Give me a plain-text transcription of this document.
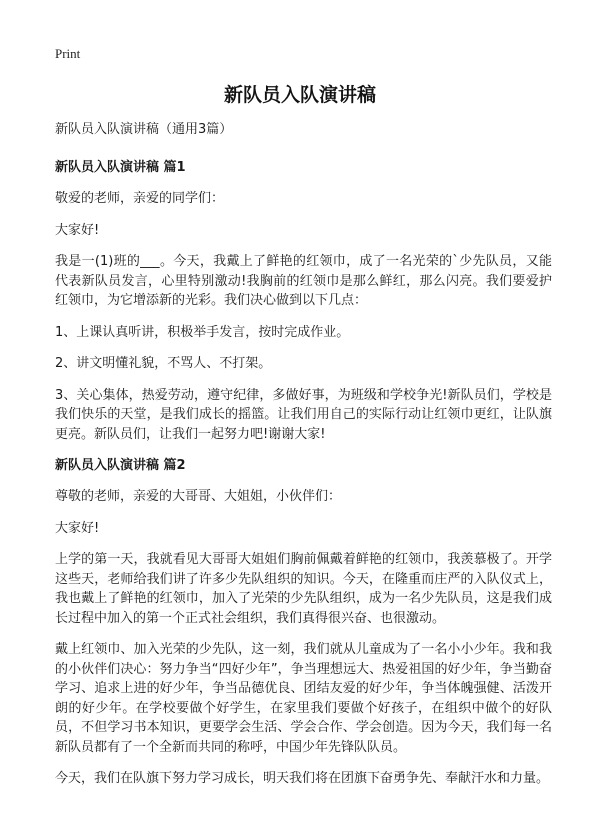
Print
新队员入队演讲稿

新队员入队演讲稿（通用3篇）

新队员入队演讲稿 篇1

敬爱的老师，亲爱的同学们：

大家好!

我是一(1)班的___。今天，我戴上了鲜艳的红领巾，成了一名光荣的`少先队员，又能代表新队员发言，心里特别激动!我胸前的红领巾是那么鲜红，那么闪亮。我们要爱护红领巾，为它增添新的光彩。我们决心做到以下几点：

1、上课认真听讲，积极举手发言，按时完成作业。

2、讲文明懂礼貌，不骂人、不打架。

3、关心集体，热爱劳动，遵守纪律，多做好事，为班级和学校争光!新队员们，学校是我们快乐的天堂，是我们成长的摇篮。让我们用自己的实际行动让红领巾更红，让队旗更亮。新队员们，让我们一起努力吧!谢谢大家!

新队员入队演讲稿 篇2

尊敬的老师，亲爱的大哥哥、大姐姐，小伙伴们：

大家好!

上学的第一天，我就看见大哥哥大姐姐们胸前佩戴着鲜艳的红领巾，我羡慕极了。开学这些天，老师给我们讲了许多少先队组织的知识。今天，在隆重而庄严的入队仪式上，我也戴上了鲜艳的红领巾，加入了光荣的少先队组织，成为一名少先队员，这是我们成长过程中加入的第一个正式社会组织，我们真得很兴奋、也很激动。

戴上红领巾、加入光荣的少先队，这一刻，我们就从儿童成为了一名小小少年。我和我的小伙伴们决心：努力争当“四好少年”，争当理想远大、热爱祖国的好少年，争当勤奋学习、追求上进的好少年，争当品德优良、团结友爱的好少年，争当体魄强健、活泼开朗的好少年。在学校要做个好学生，在家里我们要做个好孩子，在组织中做个的好队员，不但学习书本知识，更要学会生活、学会合作、学会创造。因为今天，我们每一名新队员都有了一个全新而共同的称呼，中国少年先锋队队员。

今天，我们在队旗下努力学习成长，明天我们将在团旗下奋勇争先、奉献汗水和力量。
